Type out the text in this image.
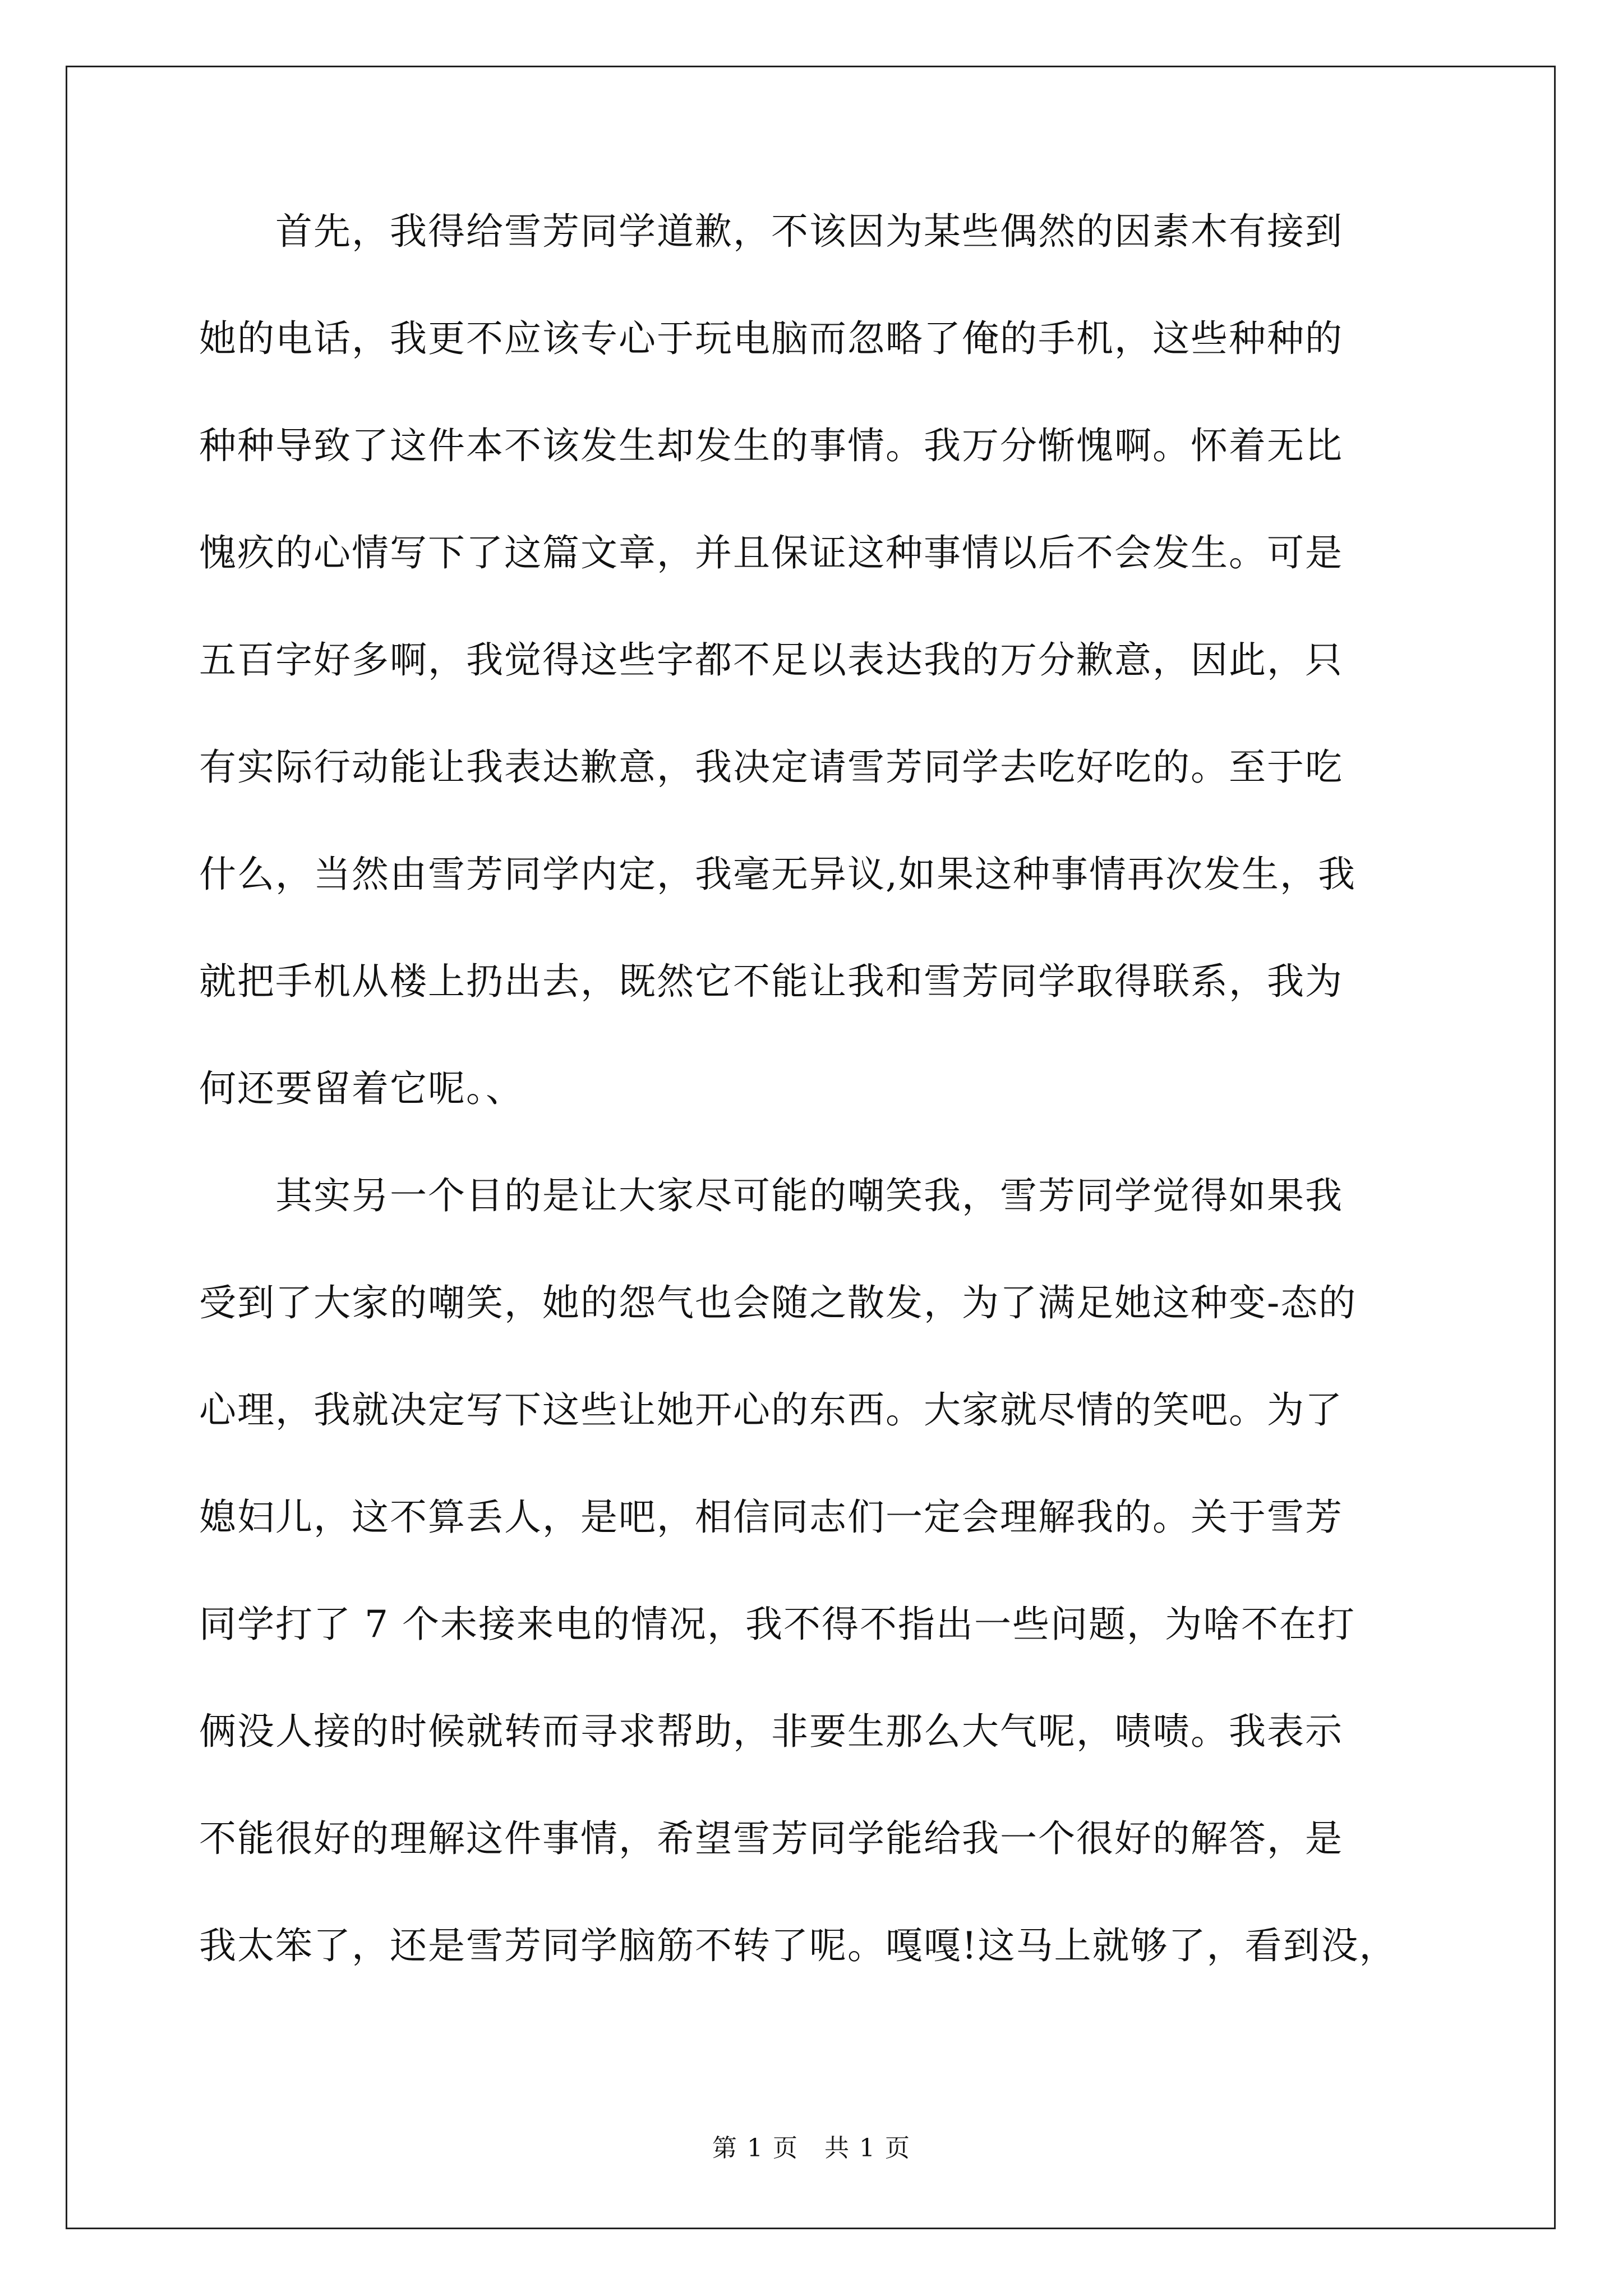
　　首先，我得给雪芳同学道歉，不该因为某些偶然的因素木有接到
她的电话，我更不应该专心于玩电脑而忽略了俺的手机，这些种种的
种种导致了这件本不该发生却发生的事情。我万分惭愧啊。怀着无比
愧疚的心情写下了这篇文章，并且保证这种事情以后不会发生。可是
五百字好多啊，我觉得这些字都不足以表达我的万分歉意，因此，只
有实际行动能让我表达歉意，我决定请雪芳同学去吃好吃的。至于吃
什么，当然由雪芳同学内定，我毫无异议,如果这种事情再次发生，我
就把手机从楼上扔出去，既然它不能让我和雪芳同学取得联系，我为
何还要留着它呢。、
　　其实另一个目的是让大家尽可能的嘲笑我，雪芳同学觉得如果我
受到了大家的嘲笑，她的怨气也会随之散发，为了满足她这种变-态的
心理，我就决定写下这些让她开心的东西。大家就尽情的笑吧。为了
媳妇儿，这不算丢人，是吧，相信同志们一定会理解我的。关于雪芳
同学打了 7 个未接来电的情况，我不得不指出一些问题，为啥不在打
俩没人接的时候就转而寻求帮助，非要生那么大气呢，啧啧。我表示
不能很好的理解这件事情，希望雪芳同学能给我一个很好的解答，是
我太笨了，还是雪芳同学脑筋不转了呢。嘎嘎!这马上就够了，看到没，
第 1 页　共 1 页
